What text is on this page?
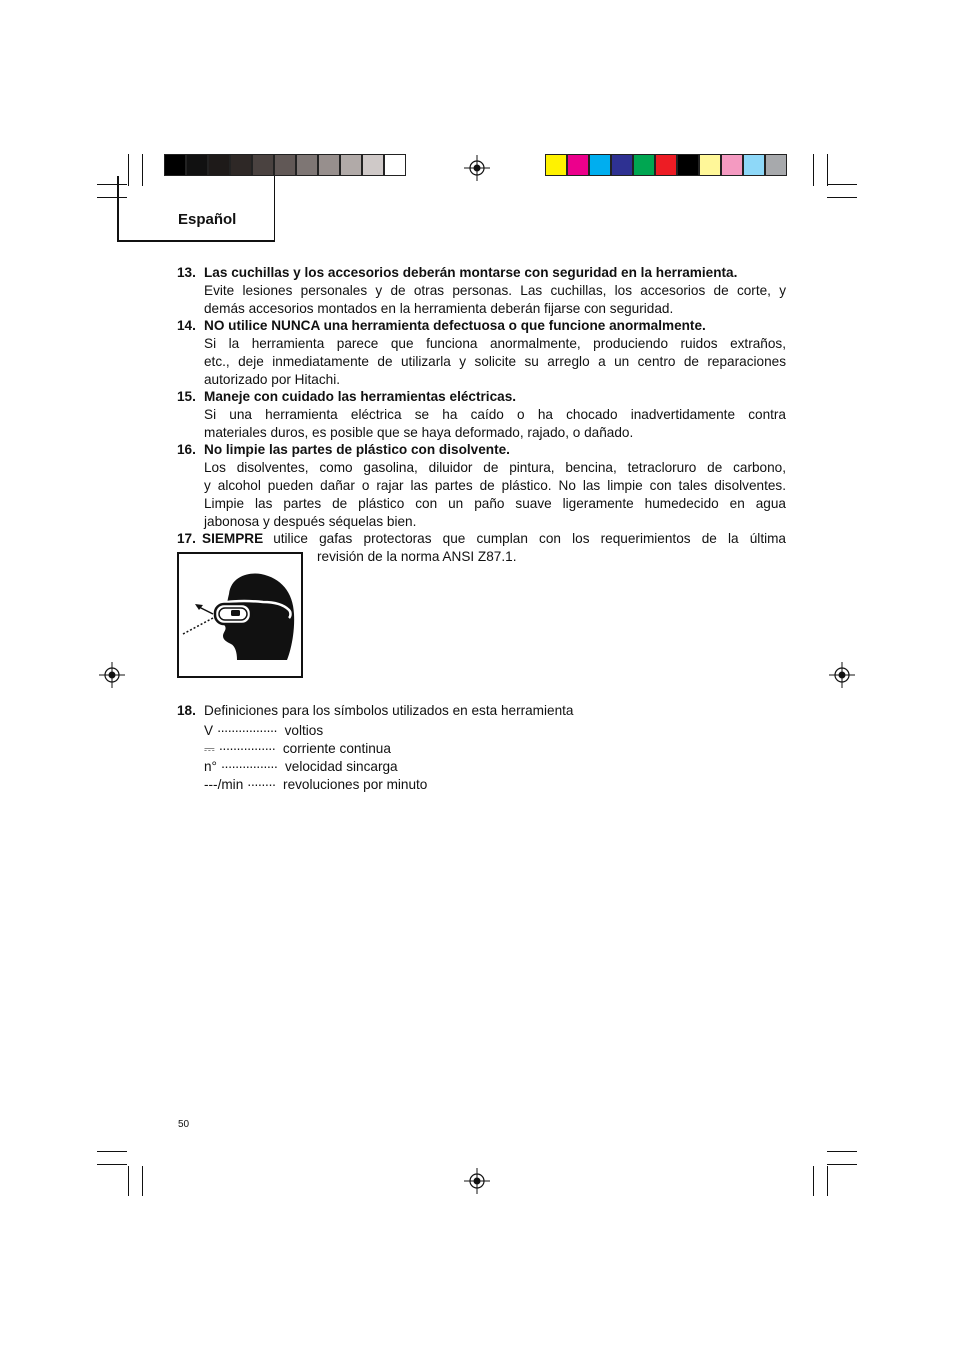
Español
13. Las cuchillas y los accesorios deberán montarse con seguridad en la herramienta.
Evite lesiones personales y de otras personas. Las cuchillas, los accesorios de corte, y
demás accesorios montados en la herramienta deberán fijarse con seguridad.
14. NO utilice NUNCA una herramienta defectuosa o que funcione anormalmente.
Si la herramienta parece que funciona anormalmente, produciendo ruidos extraños,
etc., deje inmediatamente de utilizarla y solicite su arreglo a un centro de reparaciones
autorizado por Hitachi.
15. Maneje con cuidado las herramientas eléctricas.
Si una herramienta eléctrica se ha caído o ha chocado inadvertidamente contra
materiales duros, es posible que se haya deformado, rajado, o dañado.
16. No limpie las partes de plástico con disolvente.
Los disolventes, como gasolina, diluidor de pintura, bencina, tetracloruro de carbono,
y alcohol pueden dañar o rajar las partes de plástico. No las limpie con tales disolventes.
Limpie las partes de plástico con un paño suave ligeramente humedecido en agua
jabonosa y después séquelas bien.
17. SIEMPRE utilice gafas protectoras que cumplan con los requerimientos de la última
revisión de la norma ANSI Z87.1.
18. Definiciones para los símbolos utilizados en esta herramienta
V ················· voltios
⎓ ················ corriente continua
n° ················ velocidad sincarga
---/min ········ revoluciones por minuto
50
